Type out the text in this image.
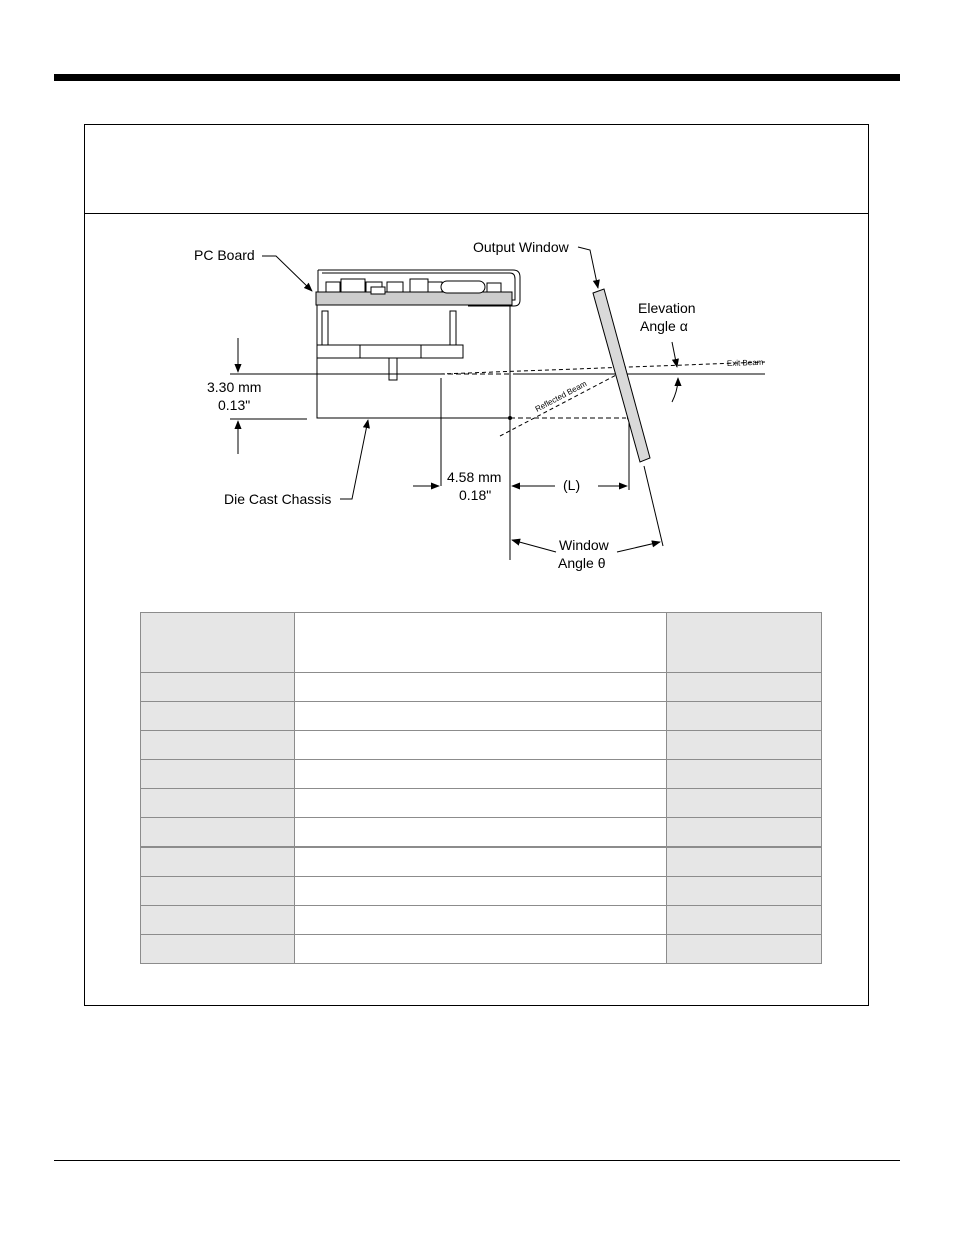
PC Board	Output Window
Elevation
Angle α
Exit Beam
Reflected Beam
3.30 mm
0.13"
4.58 mm
0.18"
(L)
Die Cast Chassis
Window
Angle θ
